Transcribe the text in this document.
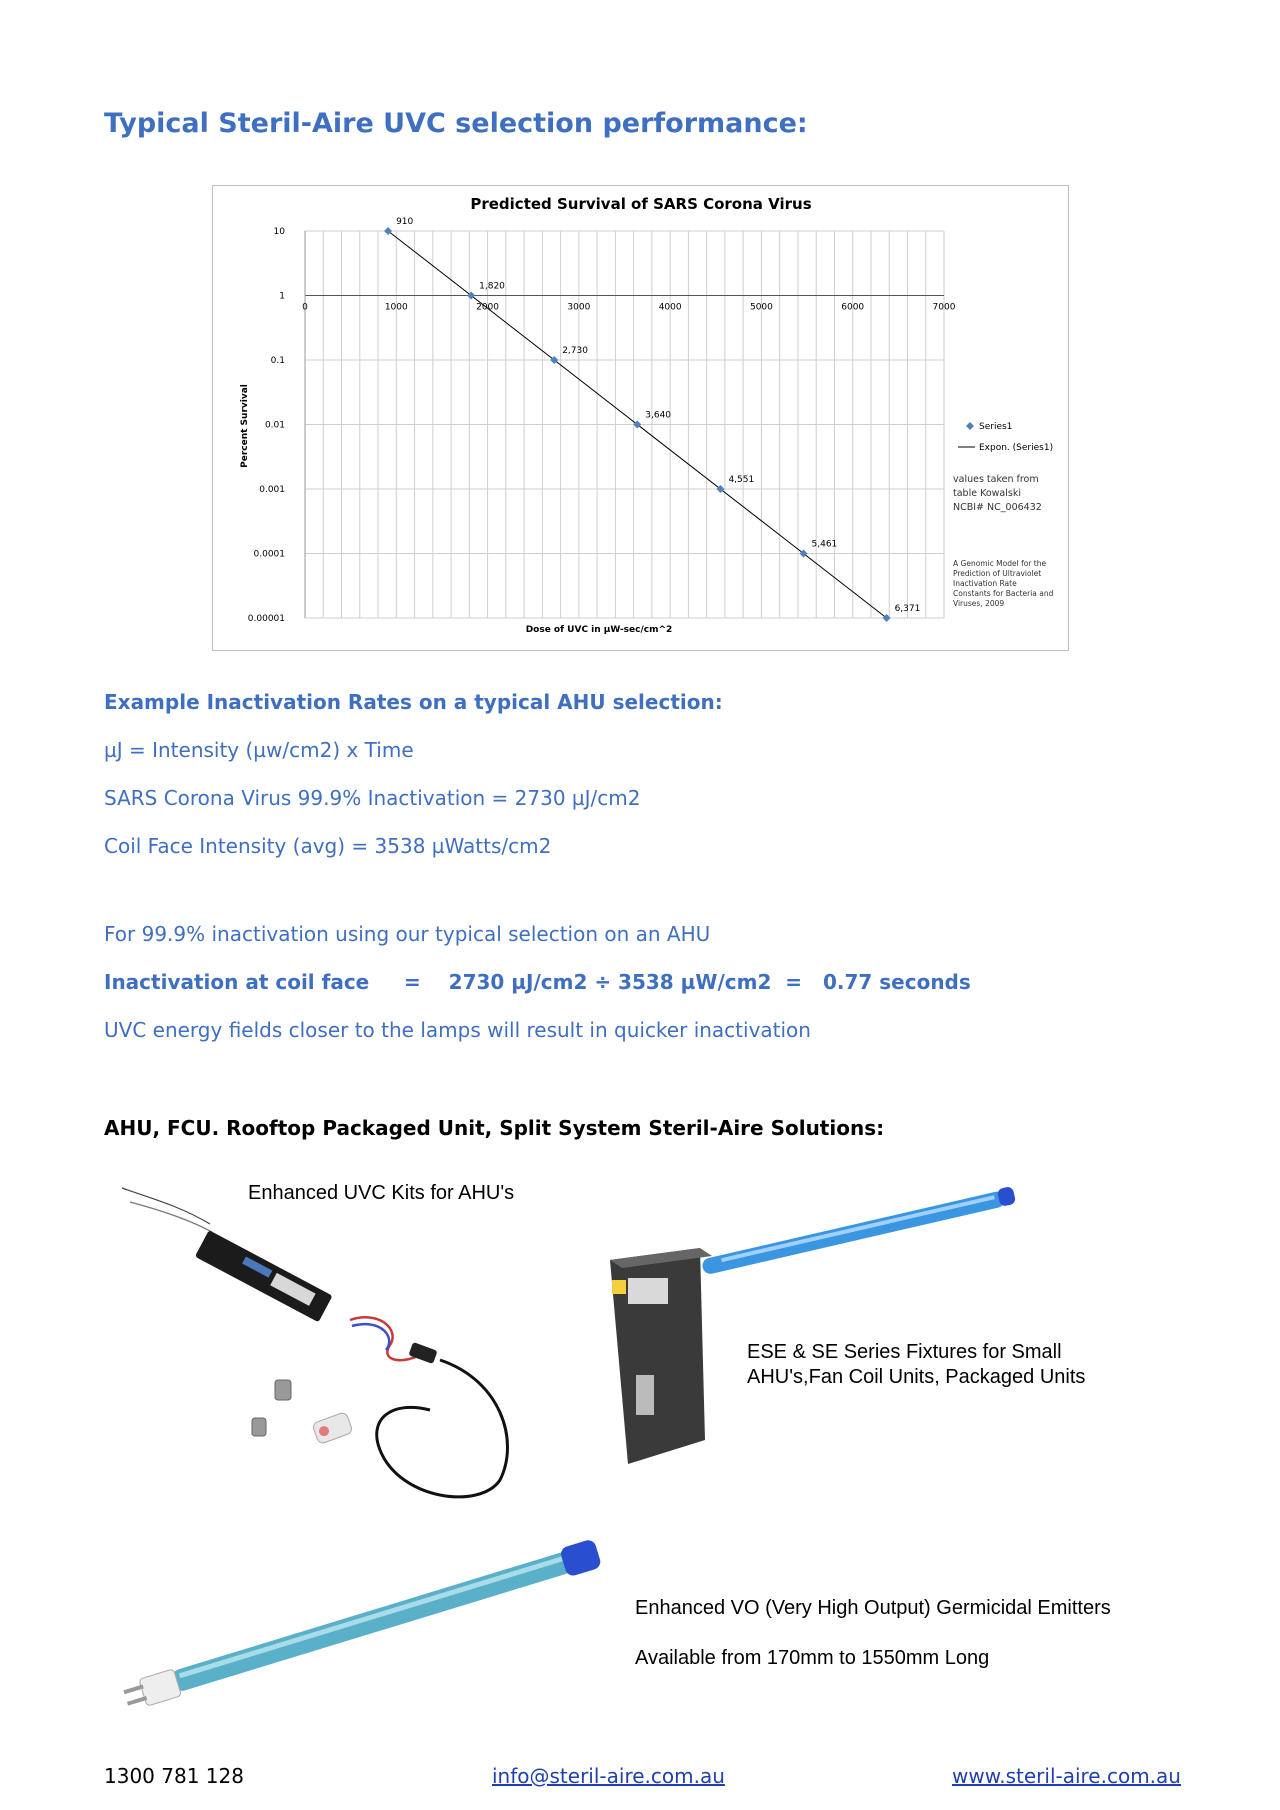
Typical Steril-Aire UVC selection performance:
Predicted Survival of SARS Corona Virus
10
1
0.1
0.01
0.001
0.0001
0.00001
0	1000	2000	3000	4000	5000	6000	7000
910
1,820
2,730
3,640
4,551
5,461
6,371
Percent Survival
Dose of UVC in µW-sec/cm^2
Series1
Expon. (Series1)
values taken from table Kowalski NCBI# NC_006432
A Genomic Model for the Prediction of Ultraviolet Inactivation Rate Constants for Bacteria and Viruses, 2009
Example Inactivation Rates on a typical AHU selection:
µJ = Intensity (µw/cm2) x Time
SARS Corona Virus 99.9% Inactivation = 2730 µJ/cm2
Coil Face Intensity (avg) = 3538 µWatts/cm2
For 99.9% inactivation using our typical selection on an AHU
Inactivation at coil face     =    2730 µJ/cm2 ÷ 3538 µW/cm2  =   0.77 seconds
UVC energy fields closer to the lamps will result in quicker inactivation
AHU, FCU. Rooftop Packaged Unit, Split System Steril-Aire Solutions:
Enhanced UVC Kits for AHU's
ESE & SE Series Fixtures for Small
AHU's,Fan Coil Units, Packaged Units
Enhanced VO (Very High Output) Germicidal Emitters
Available from 170mm to 1550mm Long
1300 781 128	info@steril-aire.com.au	www.steril-aire.com.au
